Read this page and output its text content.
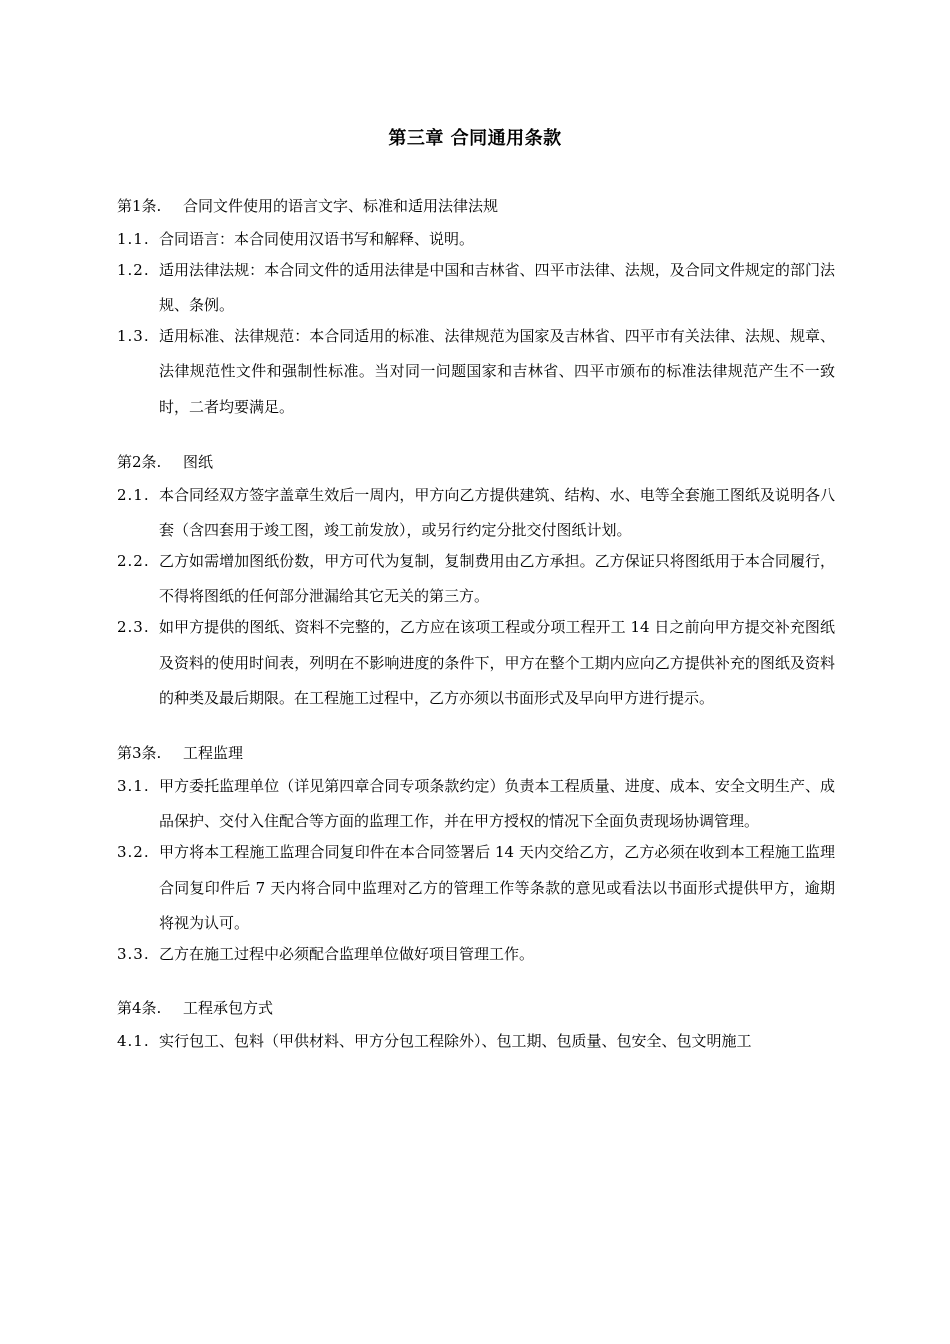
第三章 合同通用条款
第1条.	合同文件使用的语言文字、标准和适用法律法规
1.1. 合同语言：本合同使用汉语书写和解释、说明。
1.2. 适用法律法规：本合同文件的适用法律是中国和吉林省、四平市法律、法规，及合同文件规定的部门法规、条例。
1.3. 适用标准、法律规范：本合同适用的标准、法律规范为国家及吉林省、四平市有关法律、法规、规章、法律规范性文件和强制性标准。当对同一问题国家和吉林省、四平市颁布的标准法律规范产生不一致时，二者均要满足。
第2条.	图纸
2.1. 本合同经双方签字盖章生效后一周内，甲方向乙方提供建筑、结构、水、电等全套施工图纸及说明各八套（含四套用于竣工图，竣工前发放），或另行约定分批交付图纸计划。
2.2. 乙方如需增加图纸份数，甲方可代为复制，复制费用由乙方承担。乙方保证只将图纸用于本合同履行，不得将图纸的任何部分泄漏给其它无关的第三方。
2.3. 如甲方提供的图纸、资料不完整的，乙方应在该项工程或分项工程开工 14 日之前向甲方提交补充图纸及资料的使用时间表，列明在不影响进度的条件下，甲方在整个工期内应向乙方提供补充的图纸及资料的种类及最后期限。在工程施工过程中，乙方亦须以书面形式及早向甲方进行提示。
第3条.	工程监理
3.1. 甲方委托监理单位（详见第四章合同专项条款约定）负责本工程质量、进度、成本、安全文明生产、成品保护、交付入住配合等方面的监理工作，并在甲方授权的情况下全面负责现场协调管理。
3.2. 甲方将本工程施工监理合同复印件在本合同签署后 14 天内交给乙方，乙方必须在收到本工程施工监理合同复印件后 7 天内将合同中监理对乙方的管理工作等条款的意见或看法以书面形式提供甲方，逾期将视为认可。
3.3. 乙方在施工过程中必须配合监理单位做好项目管理工作。
第4条.	工程承包方式
4.1. 实行包工、包料（甲供材料、甲方分包工程除外）、包工期、包质量、包安全、包文明施工
